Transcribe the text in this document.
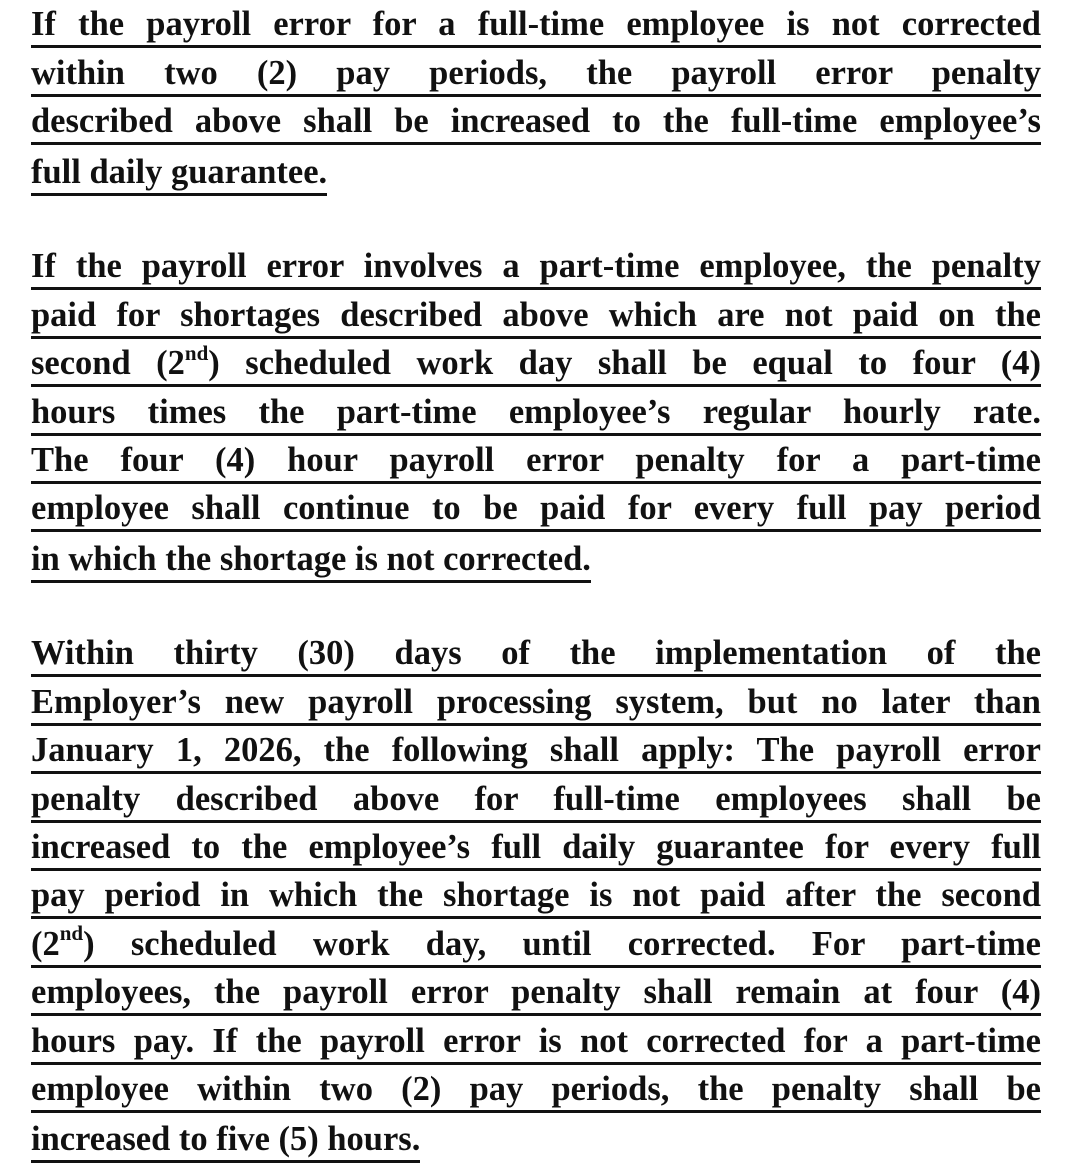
If the payroll error for a full-time employee is not corrected
within two (2) pay periods, the payroll error penalty
described above shall be increased to the full-time employee’s
full daily guarantee.
If the payroll error involves a part-time employee, the penalty
paid for shortages described above which are not paid on the
second (2nd) scheduled work day shall be equal to four (4)
hours times the part-time employee’s regular hourly rate.
The four (4) hour payroll error penalty for a part-time
employee shall continue to be paid for every full pay period
in which the shortage is not corrected.
Within thirty (30) days of the implementation of the
Employer’s new payroll processing system, but no later than
January 1, 2026, the following shall apply: The payroll error
penalty described above for full-time employees shall be
increased to the employee’s full daily guarantee for every full
pay period in which the shortage is not paid after the second
(2nd) scheduled work day, until corrected. For part-time
employees, the payroll error penalty shall remain at four (4)
hours pay. If the payroll error is not corrected for a part-time
employee within two (2) pay periods, the penalty shall be
increased to five (5) hours.
